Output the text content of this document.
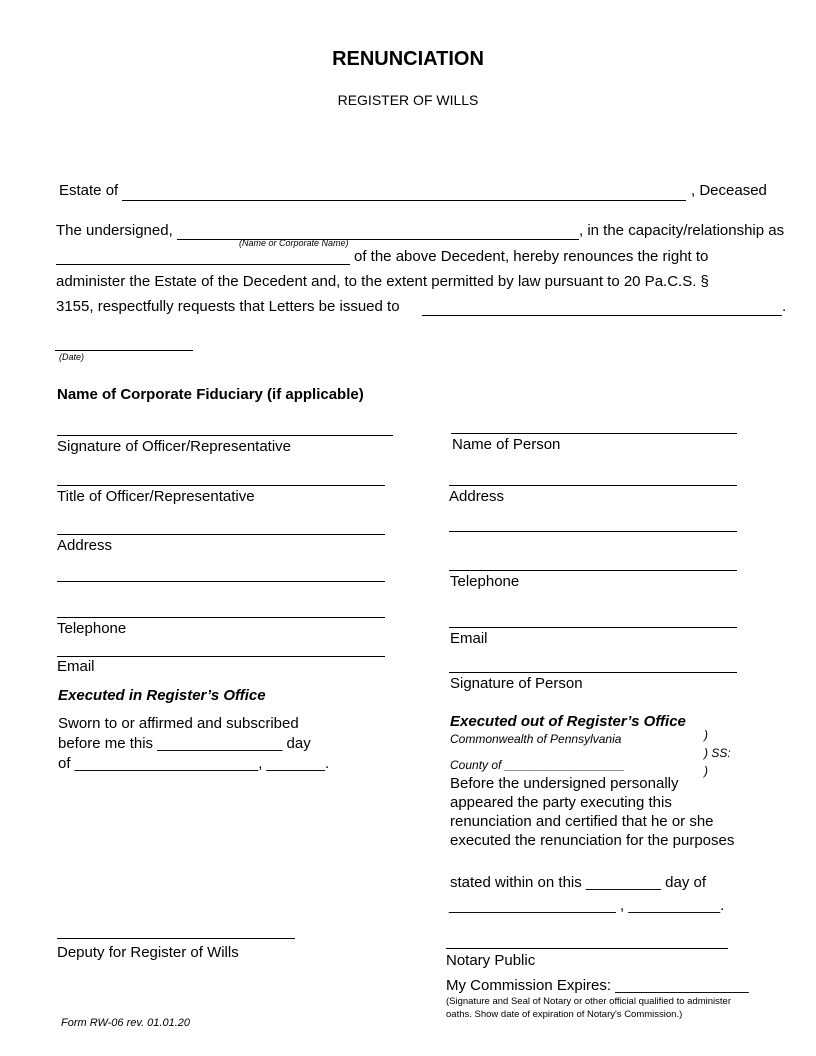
RENUNCIATION
REGISTER OF WILLS
Estate of	, Deceased
The undersigned,	, in the capacity/relationship as
(Name or Corporate Name)
of the above Decedent, hereby renounces the right to
administer the Estate of the Decedent and, to the extent permitted by law pursuant to 20 Pa.C.S. §
3155, respectfully requests that Letters be issued to	.
(Date)
Name of Corporate Fiduciary (if applicable)
Signature of Officer/Representative
Title of Officer/Representative
Address
Telephone
Email
Executed in Register’s Office
Sworn to or affirmed and subscribed
before me this _______________ day
of ______________________, _______.
Deputy for Register of Wills
Name of Person
Address
Telephone
Email
Signature of Person
Executed out of Register’s Office
Commonwealth of Pennsylvania	)
) SS:
County of __________________	)
Before the undersigned personally
appeared the party executing this
renunciation and certified that he or she
executed the renunciation for the purposes
stated within on this _________ day of
____________________ , ___________.
Notary Public
My Commission Expires: ________________
(Signature and Seal of Notary or other official qualified to administer
oaths. Show date of expiration of Notary's Commission.)
Form RW-06 rev. 01.01.20
